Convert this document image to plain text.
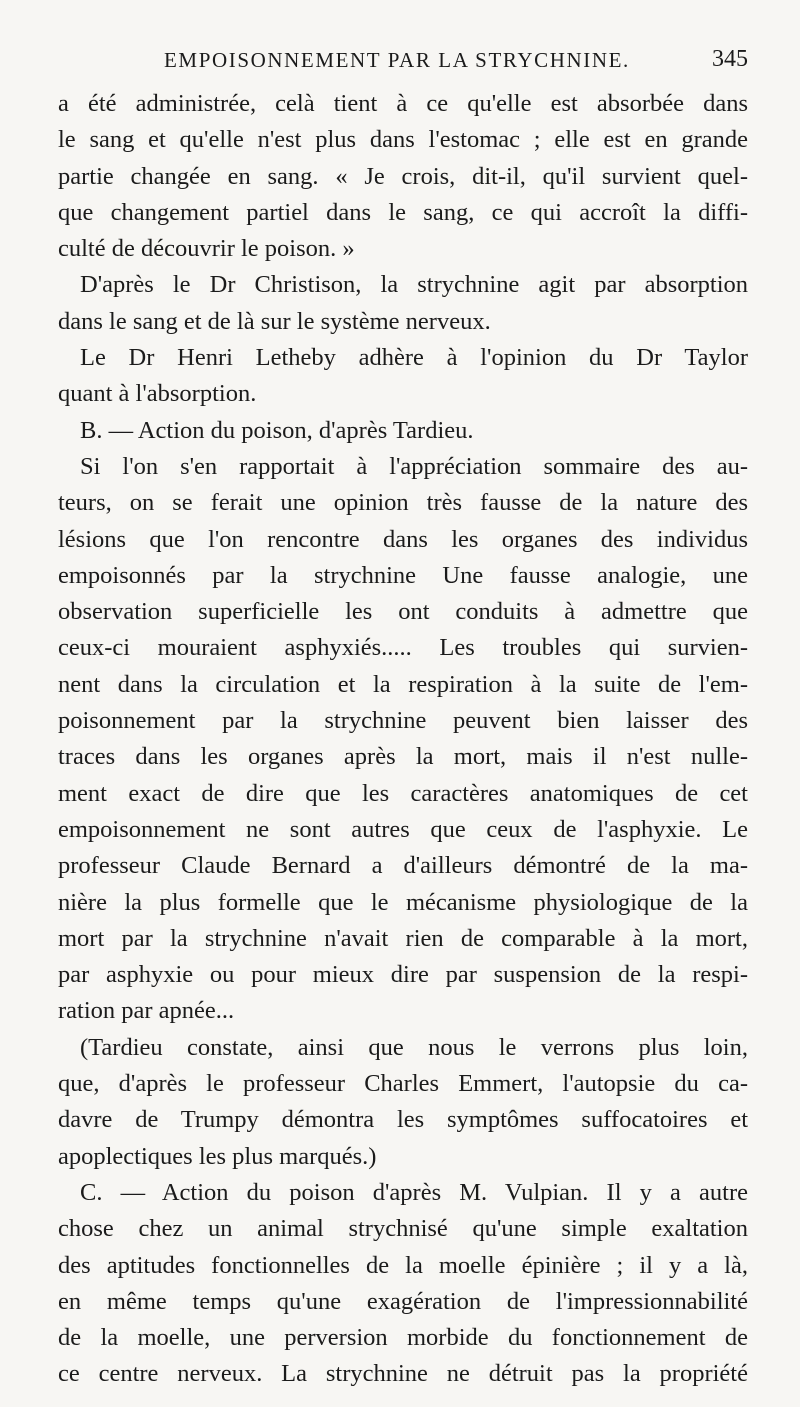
EMPOISONNEMENT PAR LA STRYCHNINE.	345
a été administrée, celà tient à ce qu'elle est absorbée dans
le sang et qu'elle n'est plus dans l'estomac ; elle est en grande
partie changée en sang. « Je crois, dit-il, qu'il survient quel-
que changement partiel dans le sang, ce qui accroît la diffi-
culté de découvrir le poison. »
D'après le Dr Christison, la strychnine agit par absorption
dans le sang et de là sur le système nerveux.
Le Dr Henri Letheby adhère à l'opinion du Dr Taylor
quant à l'absorption.
B. — Action du poison, d'après Tardieu.
Si l'on s'en rapportait à l'appréciation sommaire des au-
teurs, on se ferait une opinion très fausse de la nature des
lésions que l'on rencontre dans les organes des individus
empoisonnés par la strychnine Une fausse analogie, une
observation superficielle les ont conduits à admettre que
ceux-ci mouraient asphyxiés..... Les troubles qui survien-
nent dans la circulation et la respiration à la suite de l'em-
poisonnement par la strychnine peuvent bien laisser des
traces dans les organes après la mort, mais il n'est nulle-
ment exact de dire que les caractères anatomiques de cet
empoisonnement ne sont autres que ceux de l'asphyxie. Le
professeur Claude Bernard a d'ailleurs démontré de la ma-
nière la plus formelle que le mécanisme physiologique de la
mort par la strychnine n'avait rien de comparable à la mort,
par asphyxie ou pour mieux dire par suspension de la respi-
ration par apnée...
(Tardieu constate, ainsi que nous le verrons plus loin,
que, d'après le professeur Charles Emmert, l'autopsie du ca-
davre de Trumpy démontra les symptômes suffocatoires et
apoplectiques les plus marqués.)
C. — Action du poison d'après M. Vulpian. Il y a autre
chose chez un animal strychnisé qu'une simple exaltation
des aptitudes fonctionnelles de la moelle épinière ; il y a là,
en même temps qu'une exagération de l'impressionnabilité
de la moelle, une perversion morbide du fonctionnement de
ce centre nerveux. La strychnine ne détruit pas la propriété
